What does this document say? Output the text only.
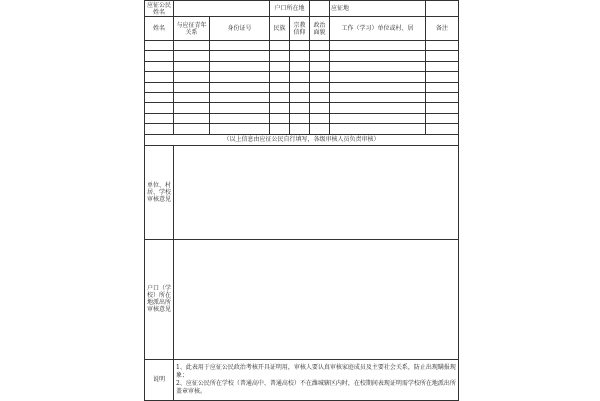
应征公民姓名			户口所在地			应征地	
姓名	与应征青年关系	身份证号	民族	宗教信仰	政治面貌	工作（学习）单位或村、居	备注

（以上信息由应征公民自行填写，各级审核人员负责审核）							
单位、村居、学校审核意见	

户口（学校）所在地派出所审核意见	

说明	1、此表用于应征公民政治考核开具证明用，审核人要认真审核家庭成员及主要社会关系，防止出现瞒报现象；
2、应征公民所在学校（普通高中、普通高校）不在潍城辖区内时，在校期间表现证明需学校所在地派出所盖章审核。						
